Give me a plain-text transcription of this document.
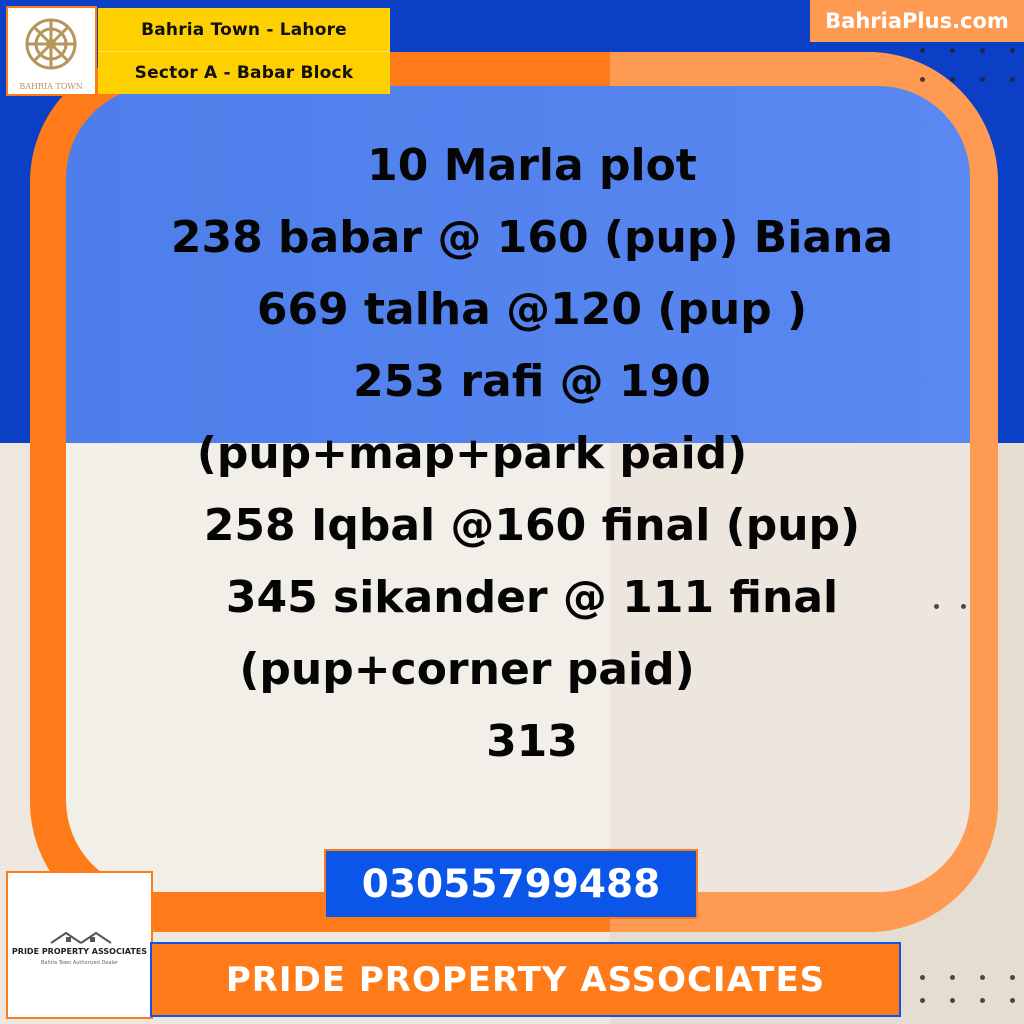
BAHRIA TOWN
Bahria Town - Lahore
Sector A - Babar Block
BahriaPlus.com
10 Marla plot
238 babar @ 160 (pup) Biana
669 talha @120 (pup )
253 rafi @ 190
(pup+map+park paid)
258 Iqbal @160 final (pup)
345 sikander @ 111 final
(pup+corner paid)
313
03055799488
PRIDE PROPERTY ASSOCIATES
Bahria Town Authorized Dealer	PRIDE PROPERTY ASSOCIATES
